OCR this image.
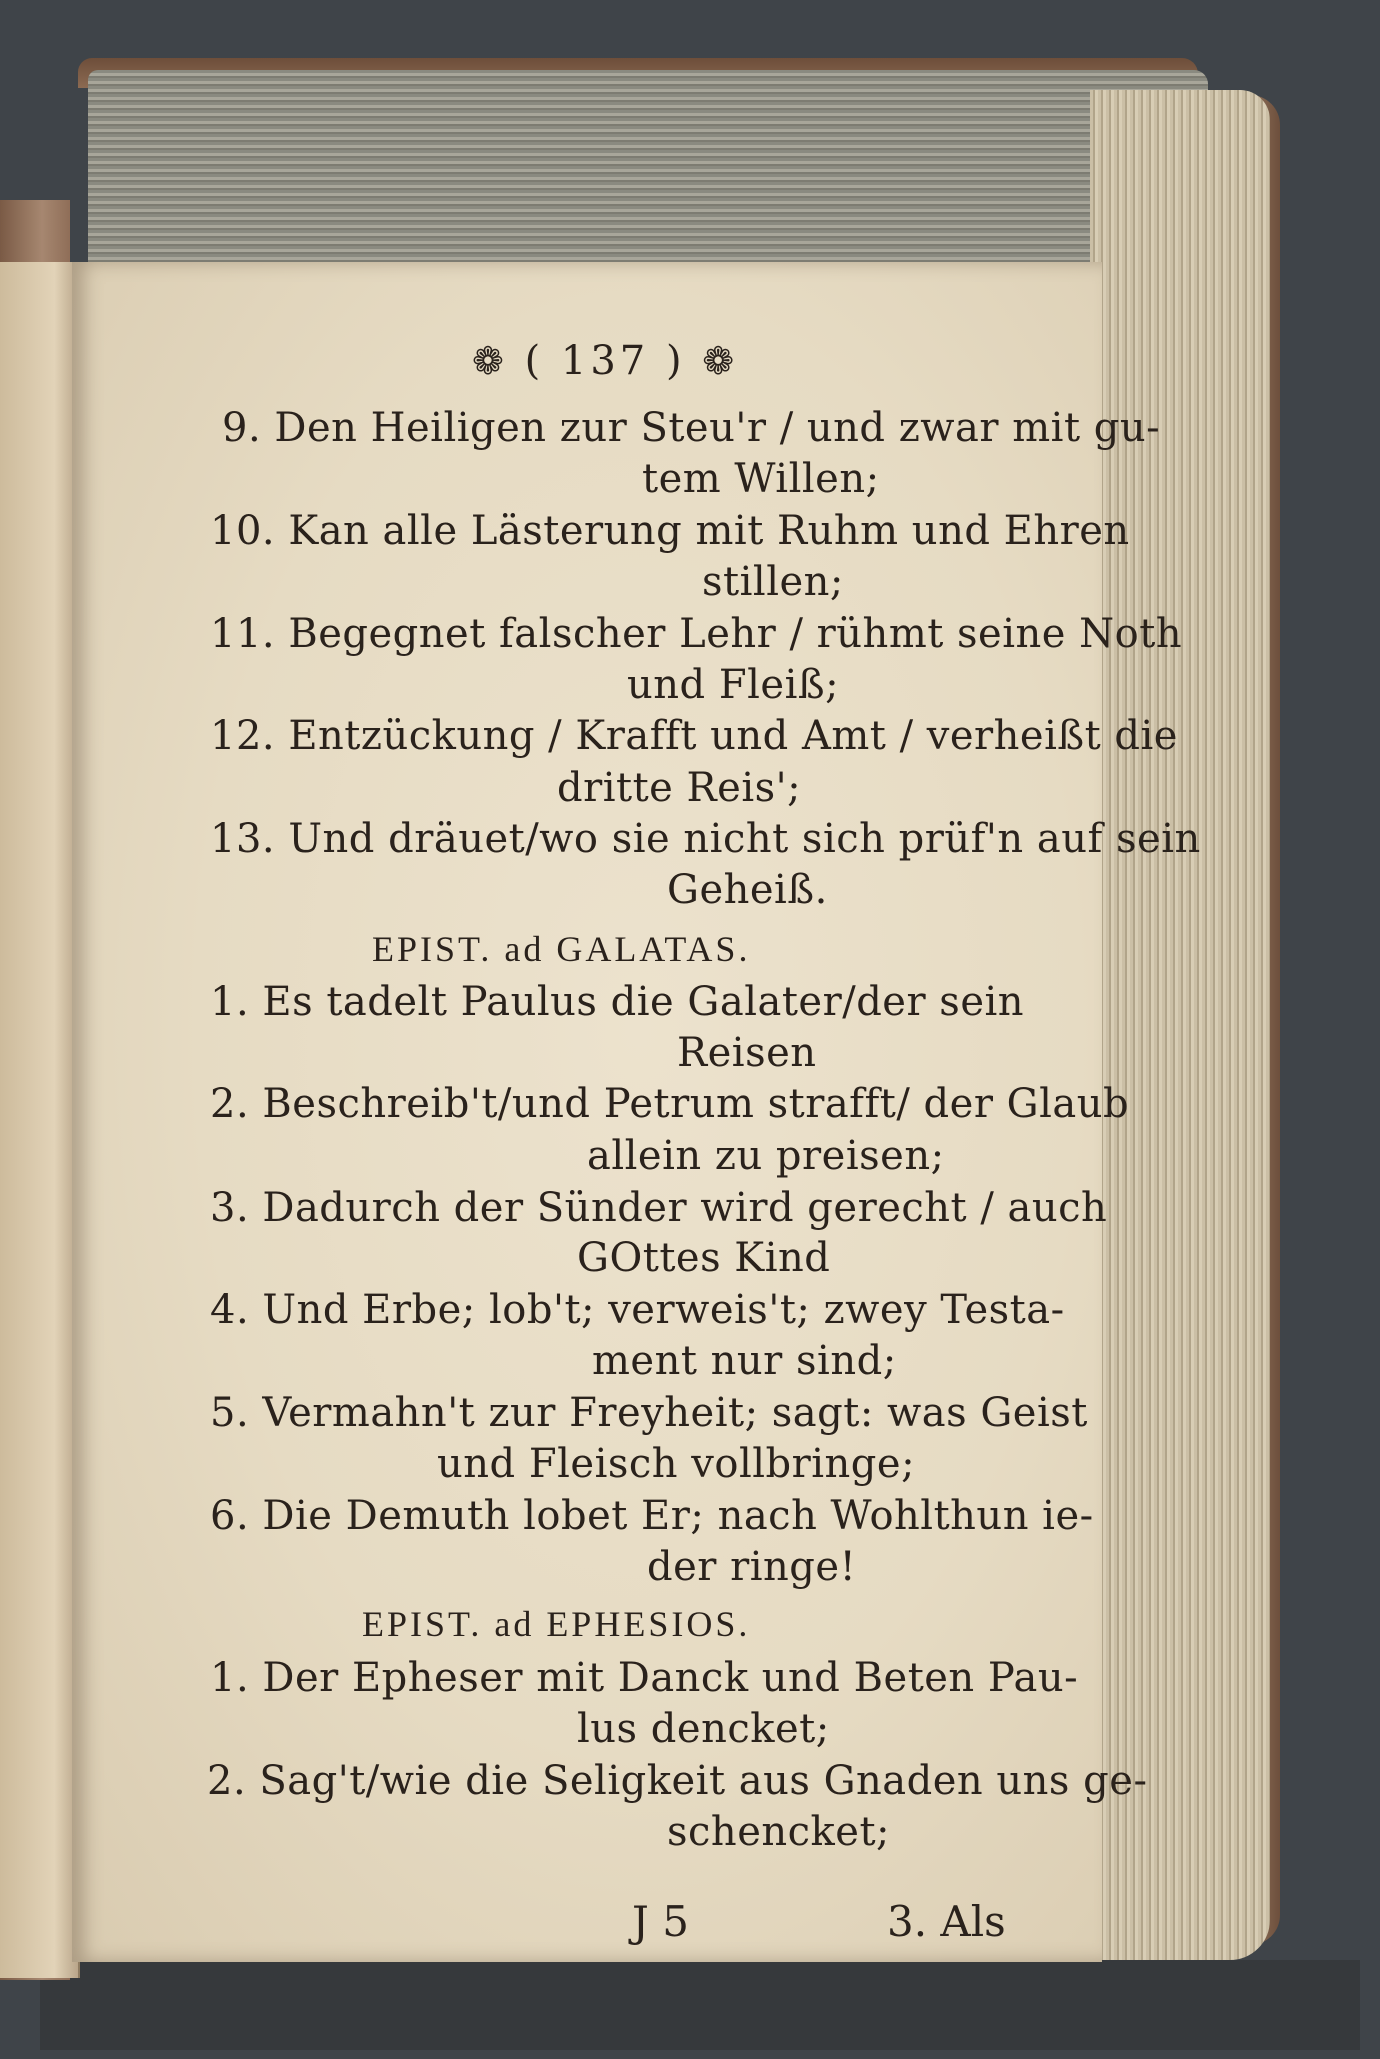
❁ ( 137 ) ❁
9. Den Heiligen zur Steu'r / und zwar mit gu-
tem Willen;
10. Kan alle Lästerung mit Ruhm und Ehren
stillen;
11. Begegnet falscher Lehr / rühmt seine Noth
und Fleiß;
12. Entzückung / Krafft und Amt / verheißt die
dritte Reis';
13. Und dräuet/wo sie nicht sich prüf'n auf sein
Geheiß.
EPIST. ad GALATAS.
1. Es tadelt Paulus die Galater/der sein
Reisen
2. Beschreib't/und Petrum strafft/ der Glaub
allein zu preisen;
3. Dadurch der Sünder wird gerecht / auch
GOttes Kind
4. Und Erbe; lob't; verweis't; zwey Testa-
ment nur sind;
5. Vermahn't zur Freyheit; sagt: was Geist
und Fleisch vollbringe;
6. Die Demuth lobet Er; nach Wohlthun ie-
der ringe!
EPIST. ad EPHESIOS.
1. Der Epheser mit Danck und Beten Pau-
lus dencket;
2. Sag't/wie die Seligkeit aus Gnaden uns ge-
schencket;
J 5	3. Als
